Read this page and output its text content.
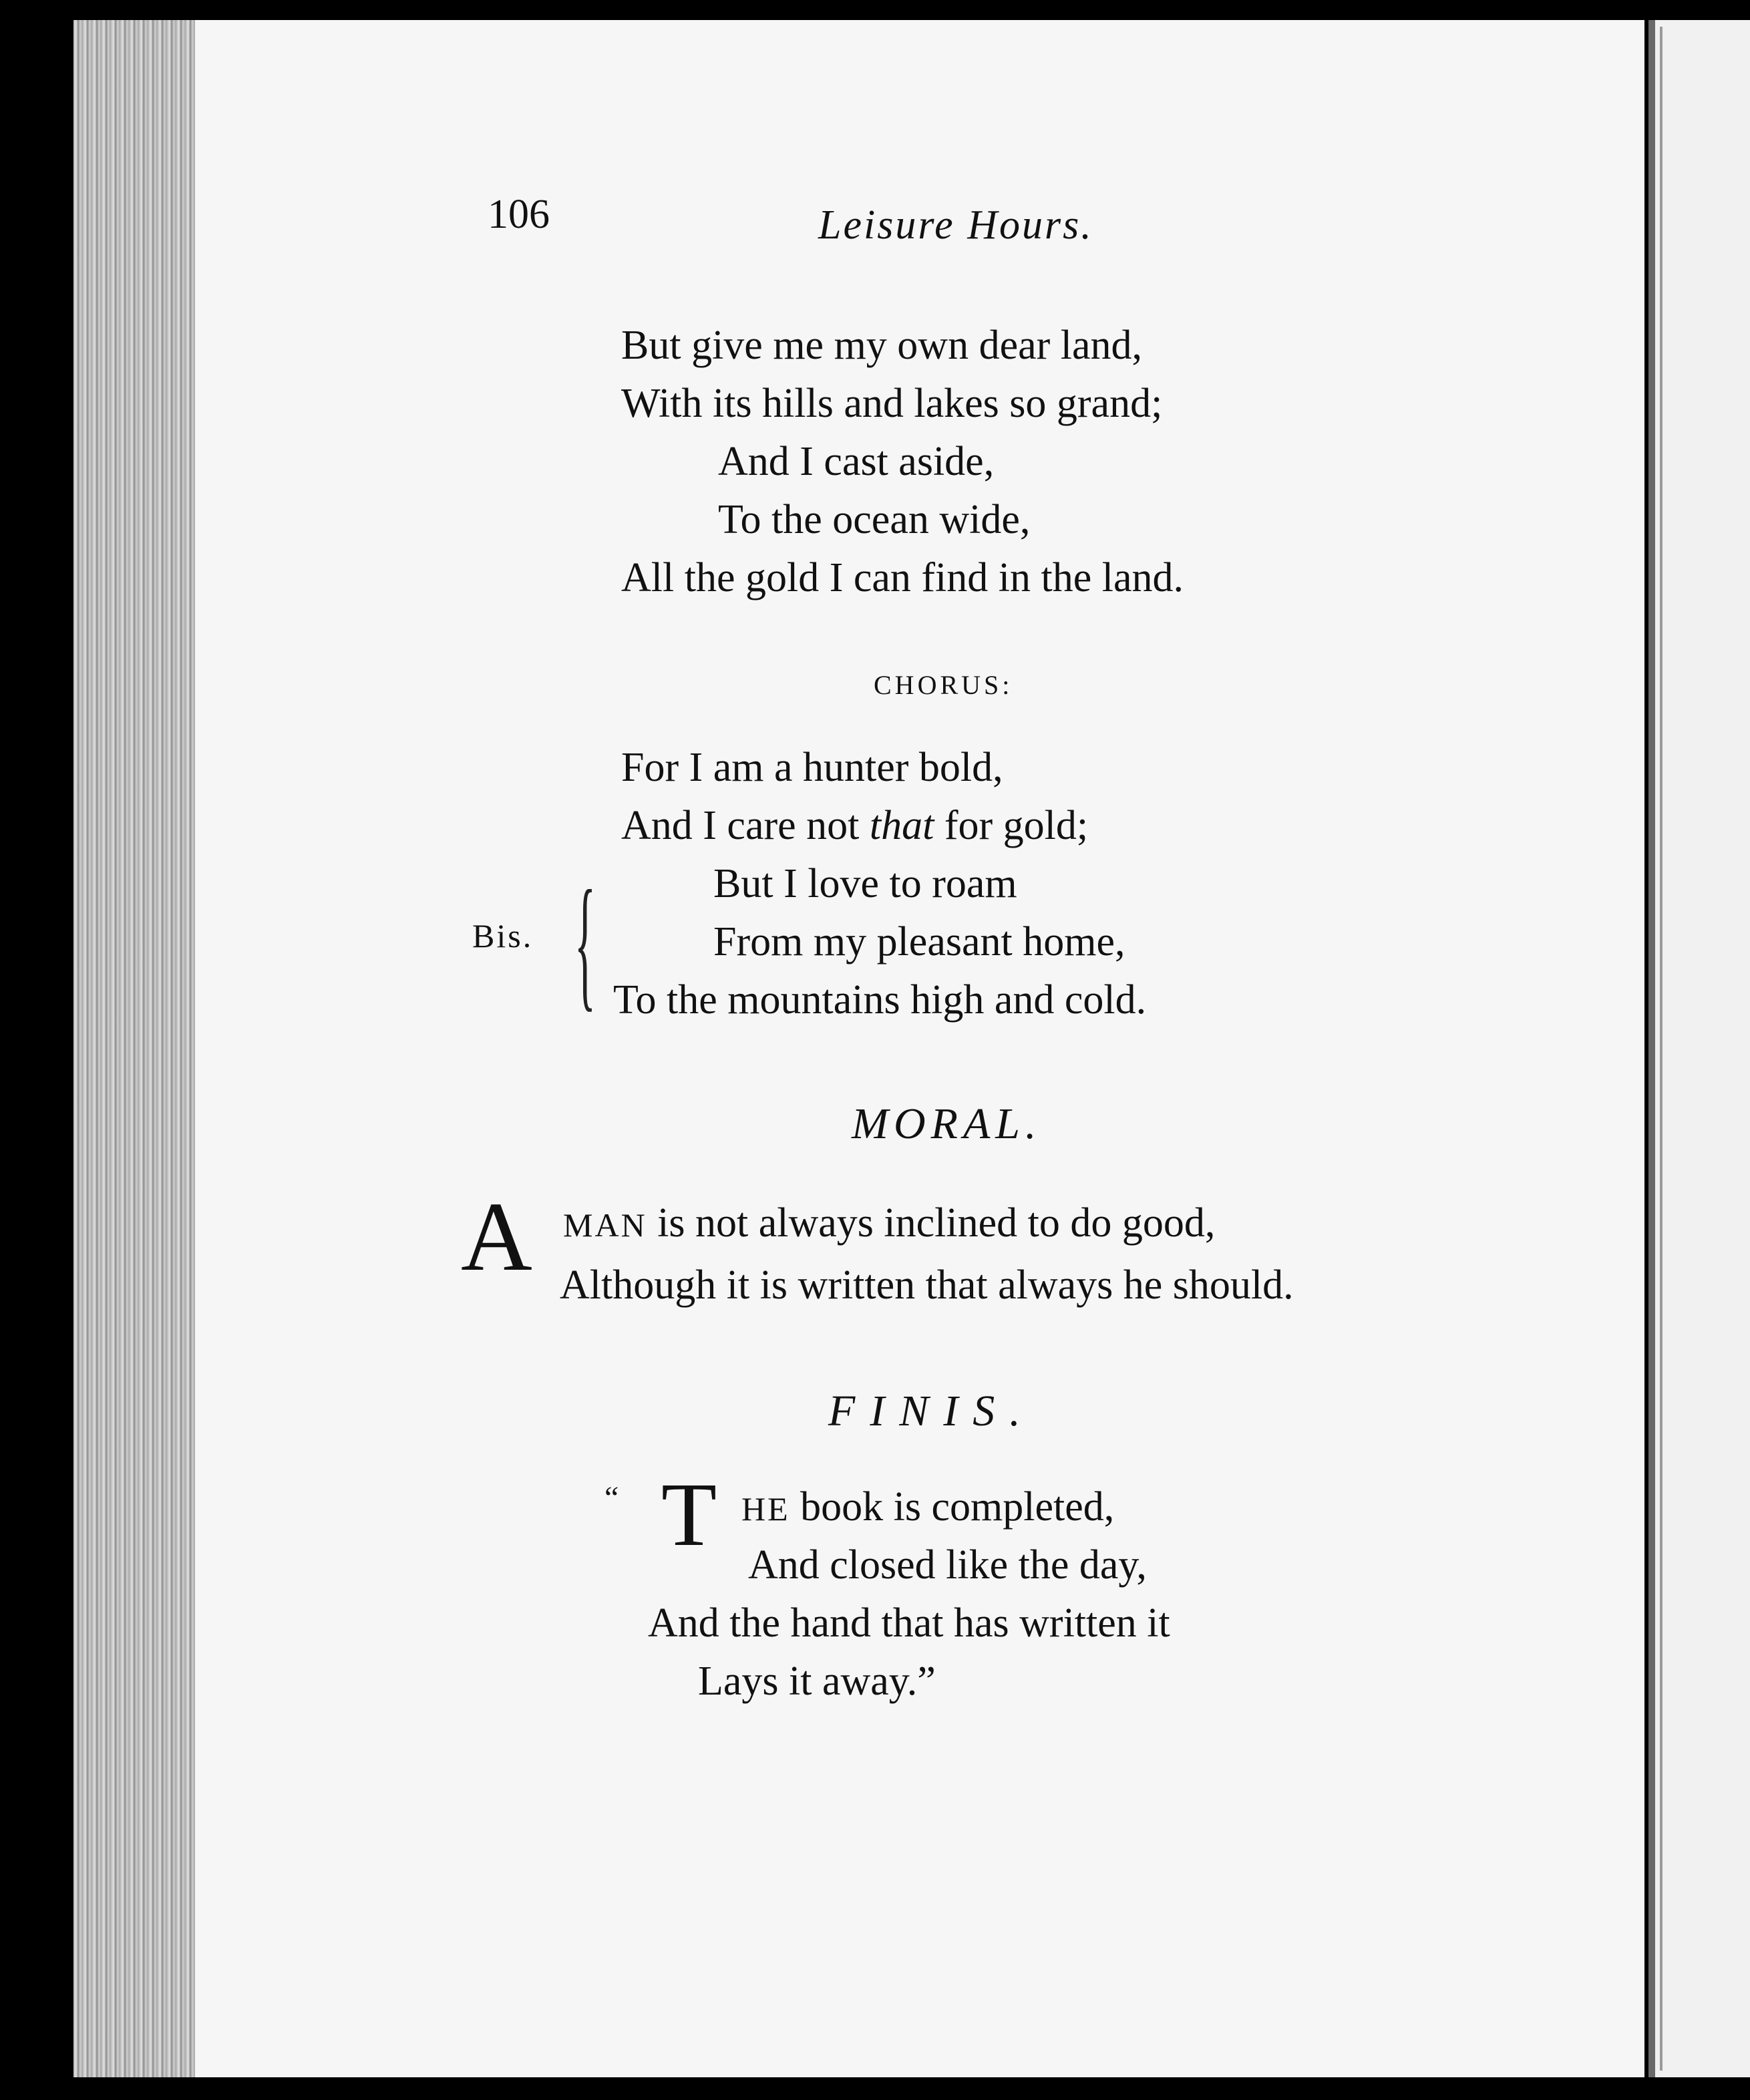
106	Leisure Hours.
But give me my own dear land,
With its hills and lakes so grand;
And I cast aside,
To the ocean wide,
All the gold I can find in the land.
CHORUS:
For I am a hunter bold,
And I care not that for gold;
Bis. {	But I love to roam
From my pleasant home,
To the mountains high and cold.
MORAL.
A MAN is not always inclined to do good,
Although it is written that always he should.
FINIS.
“ T HE book is completed,
And closed like the day,
And the hand that has written it
Lays it away.”
